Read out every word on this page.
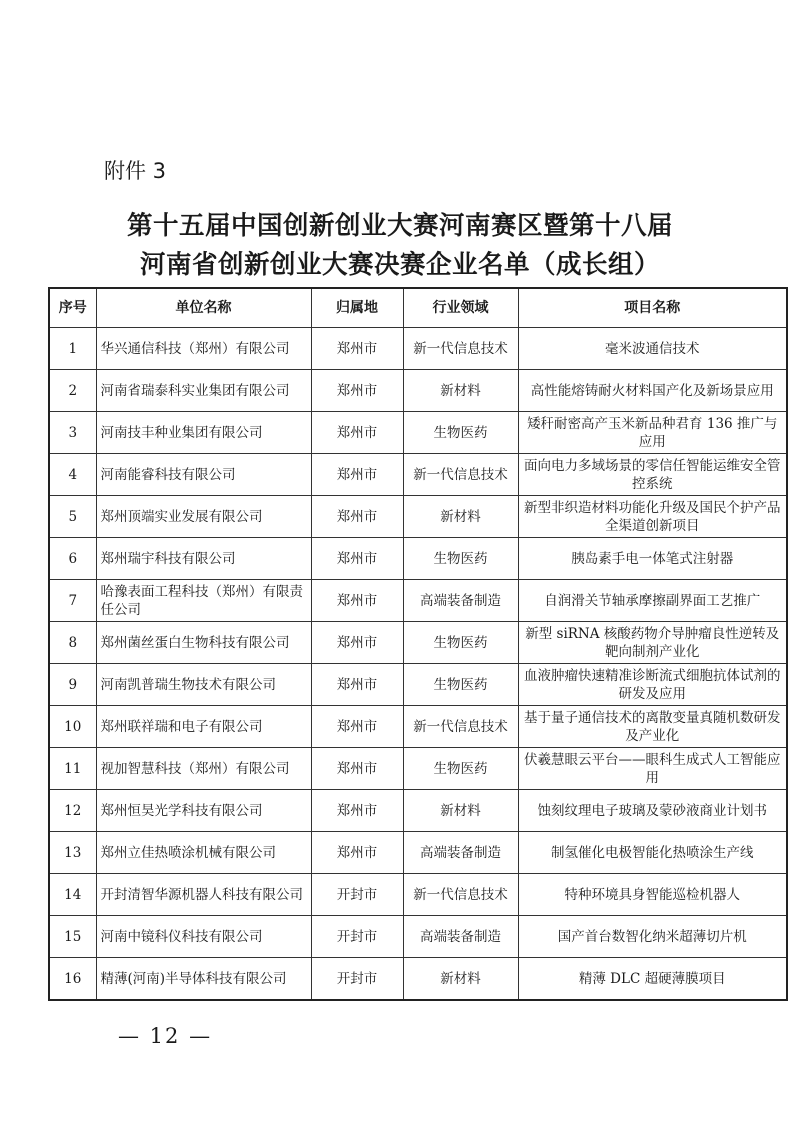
附件 3
第十五届中国创新创业大赛河南赛区暨第十八届
河南省创新创业大赛决赛企业名单（成长组）
序号	单位名称	归属地	行业领域	项目名称
1	华兴通信科技（郑州）有限公司	郑州市	新一代信息技术	毫米波通信技术
2	河南省瑞泰科实业集团有限公司	郑州市	新材料	高性能熔铸耐火材料国产化及新场景应用
3	河南技丰种业集团有限公司	郑州市	生物医药	矮秆耐密高产玉米新品种君育 136 推广与应用
4	河南能睿科技有限公司	郑州市	新一代信息技术	面向电力多域场景的零信任智能运维安全管控系统
5	郑州顶端实业发展有限公司	郑州市	新材料	新型非织造材料功能化升级及国民个护产品全渠道创新项目
6	郑州瑞宇科技有限公司	郑州市	生物医药	胰岛素手电一体笔式注射器
7	哈豫表面工程科技（郑州）有限责任公司	郑州市	高端装备制造	自润滑关节轴承摩擦副界面工艺推广
8	郑州菌丝蛋白生物科技有限公司	郑州市	生物医药	新型 siRNA 核酸药物介导肿瘤良性逆转及靶向制剂产业化
9	河南凯普瑞生物技术有限公司	郑州市	生物医药	血液肿瘤快速精准诊断流式细胞抗体试剂的研发及应用
10	郑州联祥瑞和电子有限公司	郑州市	新一代信息技术	基于量子通信技术的离散变量真随机数研发及产业化
11	视加智慧科技（郑州）有限公司	郑州市	生物医药	伏羲慧眼云平台——眼科生成式人工智能应用
12	郑州恒昊光学科技有限公司	郑州市	新材料	蚀刻纹理电子玻璃及蒙砂液商业计划书
13	郑州立佳热喷涂机械有限公司	郑州市	高端装备制造	制氢催化电极智能化热喷涂生产线
14	开封清智华源机器人科技有限公司	开封市	新一代信息技术	特种环境具身智能巡检机器人
15	河南中镜科仪科技有限公司	开封市	高端装备制造	国产首台数智化纳米超薄切片机
16	精薄(河南)半导体科技有限公司	开封市	新材料	精薄 DLC 超硬薄膜项目
— 12 —
